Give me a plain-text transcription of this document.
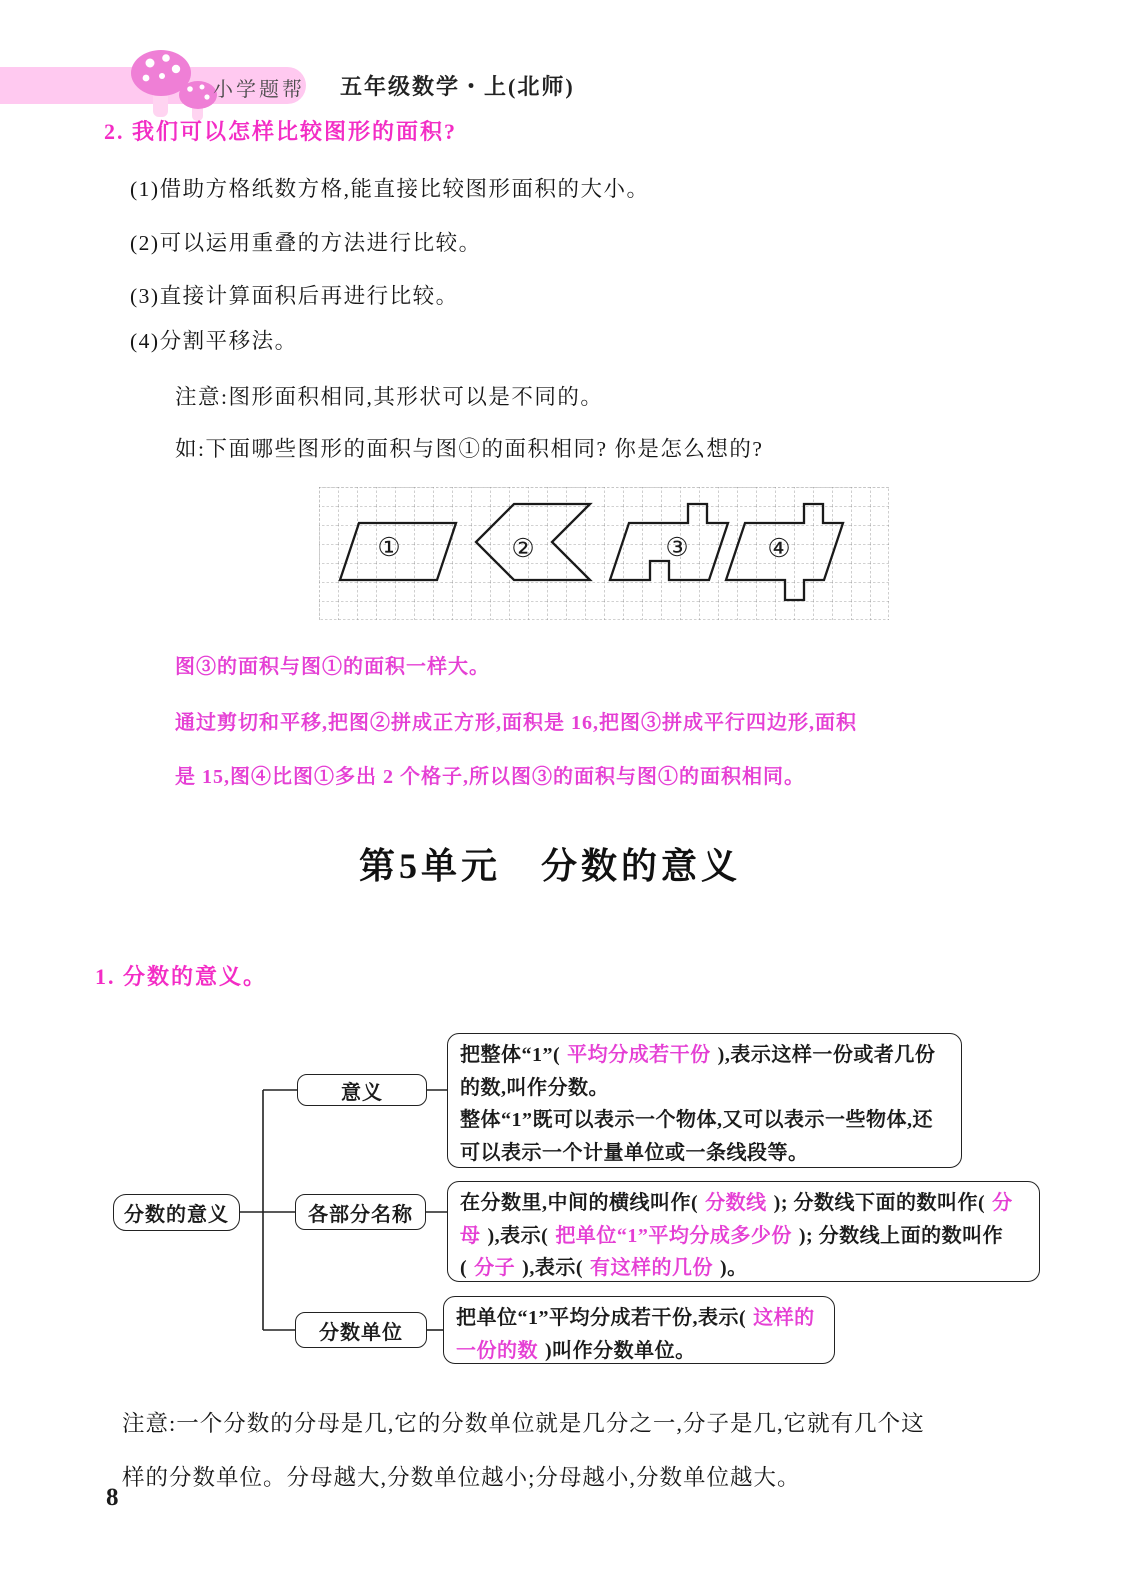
小学题帮 五年级数学・上(北师)
2. 我们可以怎样比较图形的面积?
(1)借助方格纸数方格,能直接比较图形面积的大小。
(2)可以运用重叠的方法进行比较。
(3)直接计算面积后再进行比较。
(4)分割平移法。
注意:图形面积相同,其形状可以是不同的。
如:下面哪些图形的面积与图①的面积相同? 你是怎么想的?
①	②	③	④
图③的面积与图①的面积一样大。
通过剪切和平移,把图②拼成正方形,面积是 16,把图③拼成平行四边形,面积
是 15,图④比图①多出 2 个格子,所以图③的面积与图①的面积相同。
第5单元　分数的意义
1. 分数的意义。
分数的意义
意义
各部分名称
分数单位
把整体“1”( 平均分成若干份 ),表示这样一份或者几份的数,叫作分数。
整体“1”既可以表示一个物体,又可以表示一些物体,还可以表示一个计量单位或一条线段等。
在分数里,中间的横线叫作( 分数线 ); 分数线下面的数叫作( 分母 ),表示( 把单位“1”平均分成多少份 ); 分数线上面的数叫作( 分子 ),表示( 有这样的几份 )。
把单位“1”平均分成若干份,表示( 这样的一份的数 )叫作分数单位。
注意:一个分数的分母是几,它的分数单位就是几分之一,分子是几,它就有几个这
样的分数单位。分母越大,分数单位越小;分母越小,分数单位越大。
8
